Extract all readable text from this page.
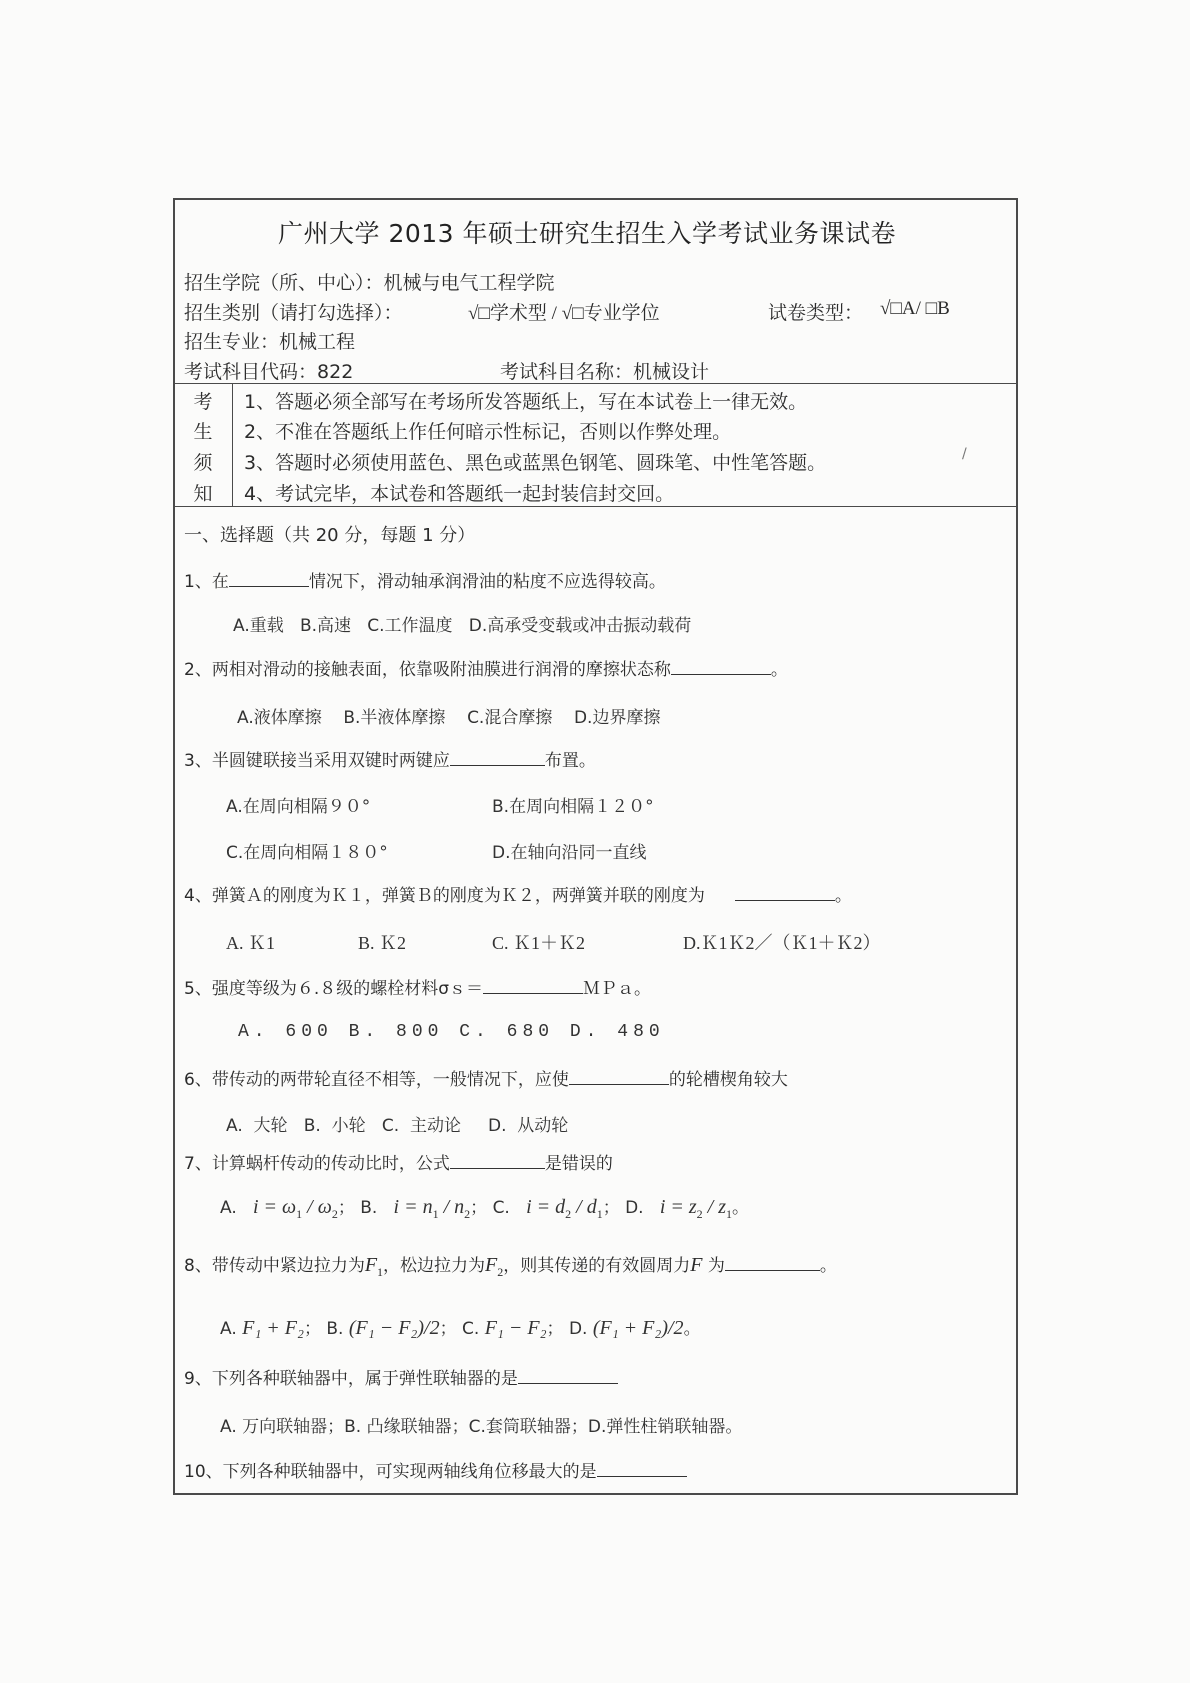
广州大学 2013 年硕士研究生招生入学考试业务课试卷
招生学院（所、中心）：机械与电气工程学院
招生类别（请打勾选择）：	√□学术型 / √□专业学位	试卷类型： √□A/ □B
招生专业：机械工程
考试科目代码：822	考试科目名称：机械设计
考
生
须
知
1、答题必须全部写在考场所发答题纸上，写在本试卷上一律无效。
2、不准在答题纸上作任何暗示性标记，否则以作弊处理。
3、答题时必须使用蓝色、黑色或蓝黑色钢笔、圆珠笔、中性笔答题。
4、考试完毕，本试卷和答题纸一起封装信封交回。
/
一、选择题（共 20 分，每题 1 分）
1、在	情况下，滑动轴承润滑油的粘度不应选得较高。
A.重载 B.高速 C.工作温度 D.高承受变载或冲击振动载荷
2、两相对滑动的接触表面，依靠吸附油膜进行润滑的摩擦状态称	。
A.液体摩擦 B.半液体摩擦 C.混合摩擦 D.边界摩擦
3、半圆键联接当采用双键时两键应	布置。
A.在周向相隔９０°	B.在周向相隔１２０°
C.在周向相隔１８０°	D.在轴向沿同一直线
4、弹簧Ａ的刚度为Ｋ１，弹簧Ｂ的刚度为Ｋ２，两弹簧并联的刚度为	。
A. Ｋ1	B. Ｋ2	C. Ｋ1＋Ｋ2	D.Ｋ1Ｋ2／（Ｋ1＋Ｋ2）
5、强度等级为６.８级的螺栓材料σｓ＝	ＭＰａ。
A. 600 B. 800 C. 680 D. 480
6、带传动的两带轮直径不相等，一般情况下，应使	的轮槽楔角较大
A.  大轮 B.  小轮 C.  主动论 D.  从动轮
7、计算蜗杆传动的传动比时，公式	是错误的
A. $i = \omega_1 / \omega_2$； B. $i = n_1 / n_2$； C. $i = d_2 / d_1$； D. $i = z_2 / z_1$。
8、带传动中紧边拉力为$F_1$，松边拉力为$F_2$，则其传递的有效圆周力F 为	。
A. F₁ + F₂； B. (F₁ − F₂)/2； C. F₁ − F₂； D. (F₁ + F₂)/2。
9、下列各种联轴器中，属于弹性联轴器的是
A. 万向联轴器；B. 凸缘联轴器；C.套筒联轴器；D.弹性柱销联轴器。
10、下列各种联轴器中，可实现两轴线角位移最大的是
